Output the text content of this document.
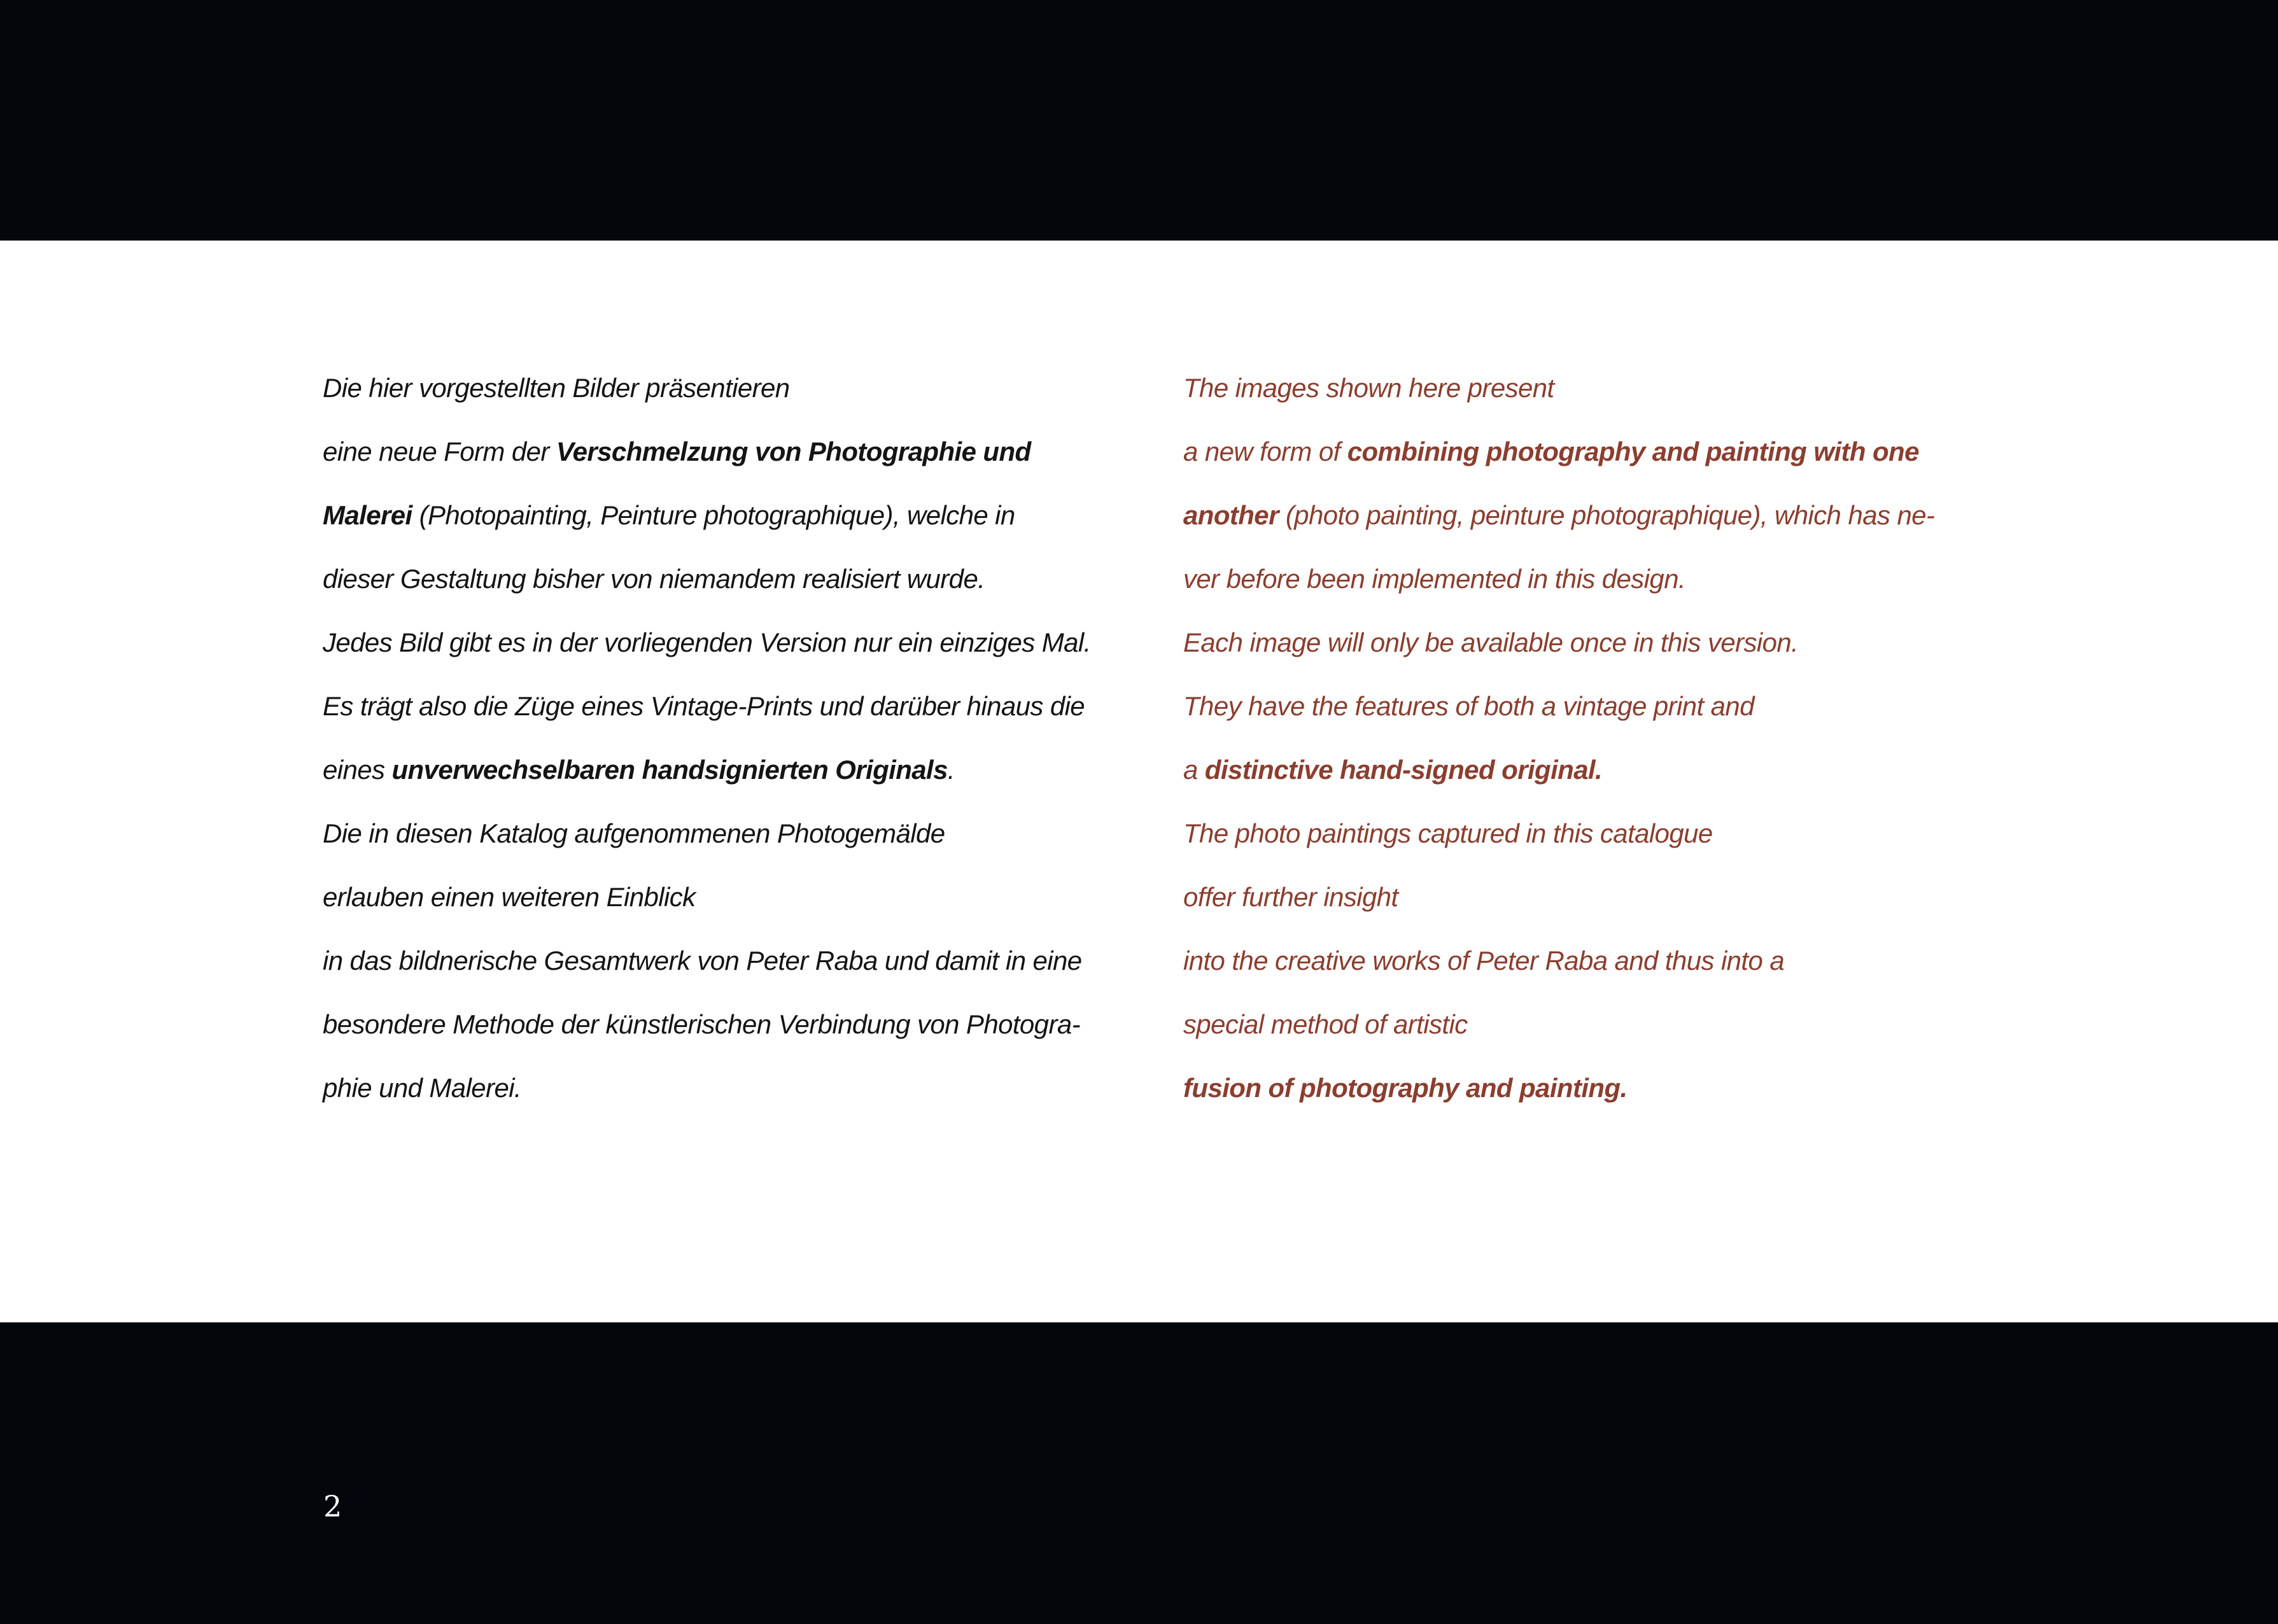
Die hier vorgestellten Bilder präsentieren
eine neue Form der Verschmelzung von Photographie und
Malerei (Photopainting, Peinture photographique), welche in
dieser Gestaltung bisher von niemandem realisiert wurde.
Jedes Bild gibt es in der vorliegenden Version nur ein einziges Mal.
Es trägt also die Züge eines Vintage-Prints und darüber hinaus die
eines unverwechselbaren handsignierten Originals.
Die in diesen Katalog aufgenommenen Photogemälde
erlauben einen weiteren Einblick
in das bildnerische Gesamtwerk von Peter Raba und damit in eine
besondere Methode der künstlerischen Verbindung von Photogra-
phie und Malerei.
The images shown here present
a new form of combining photography and painting with one
another (photo painting, peinture photographique), which has ne-
ver before been implemented in this design.
Each image will only be available once in this version.
They have the features of both a vintage print and
a distinctive hand-signed original.
The photo paintings captured in this catalogue
offer further insight
into the creative works of Peter Raba and thus into a
special method of artistic
fusion of photography and painting.
2
